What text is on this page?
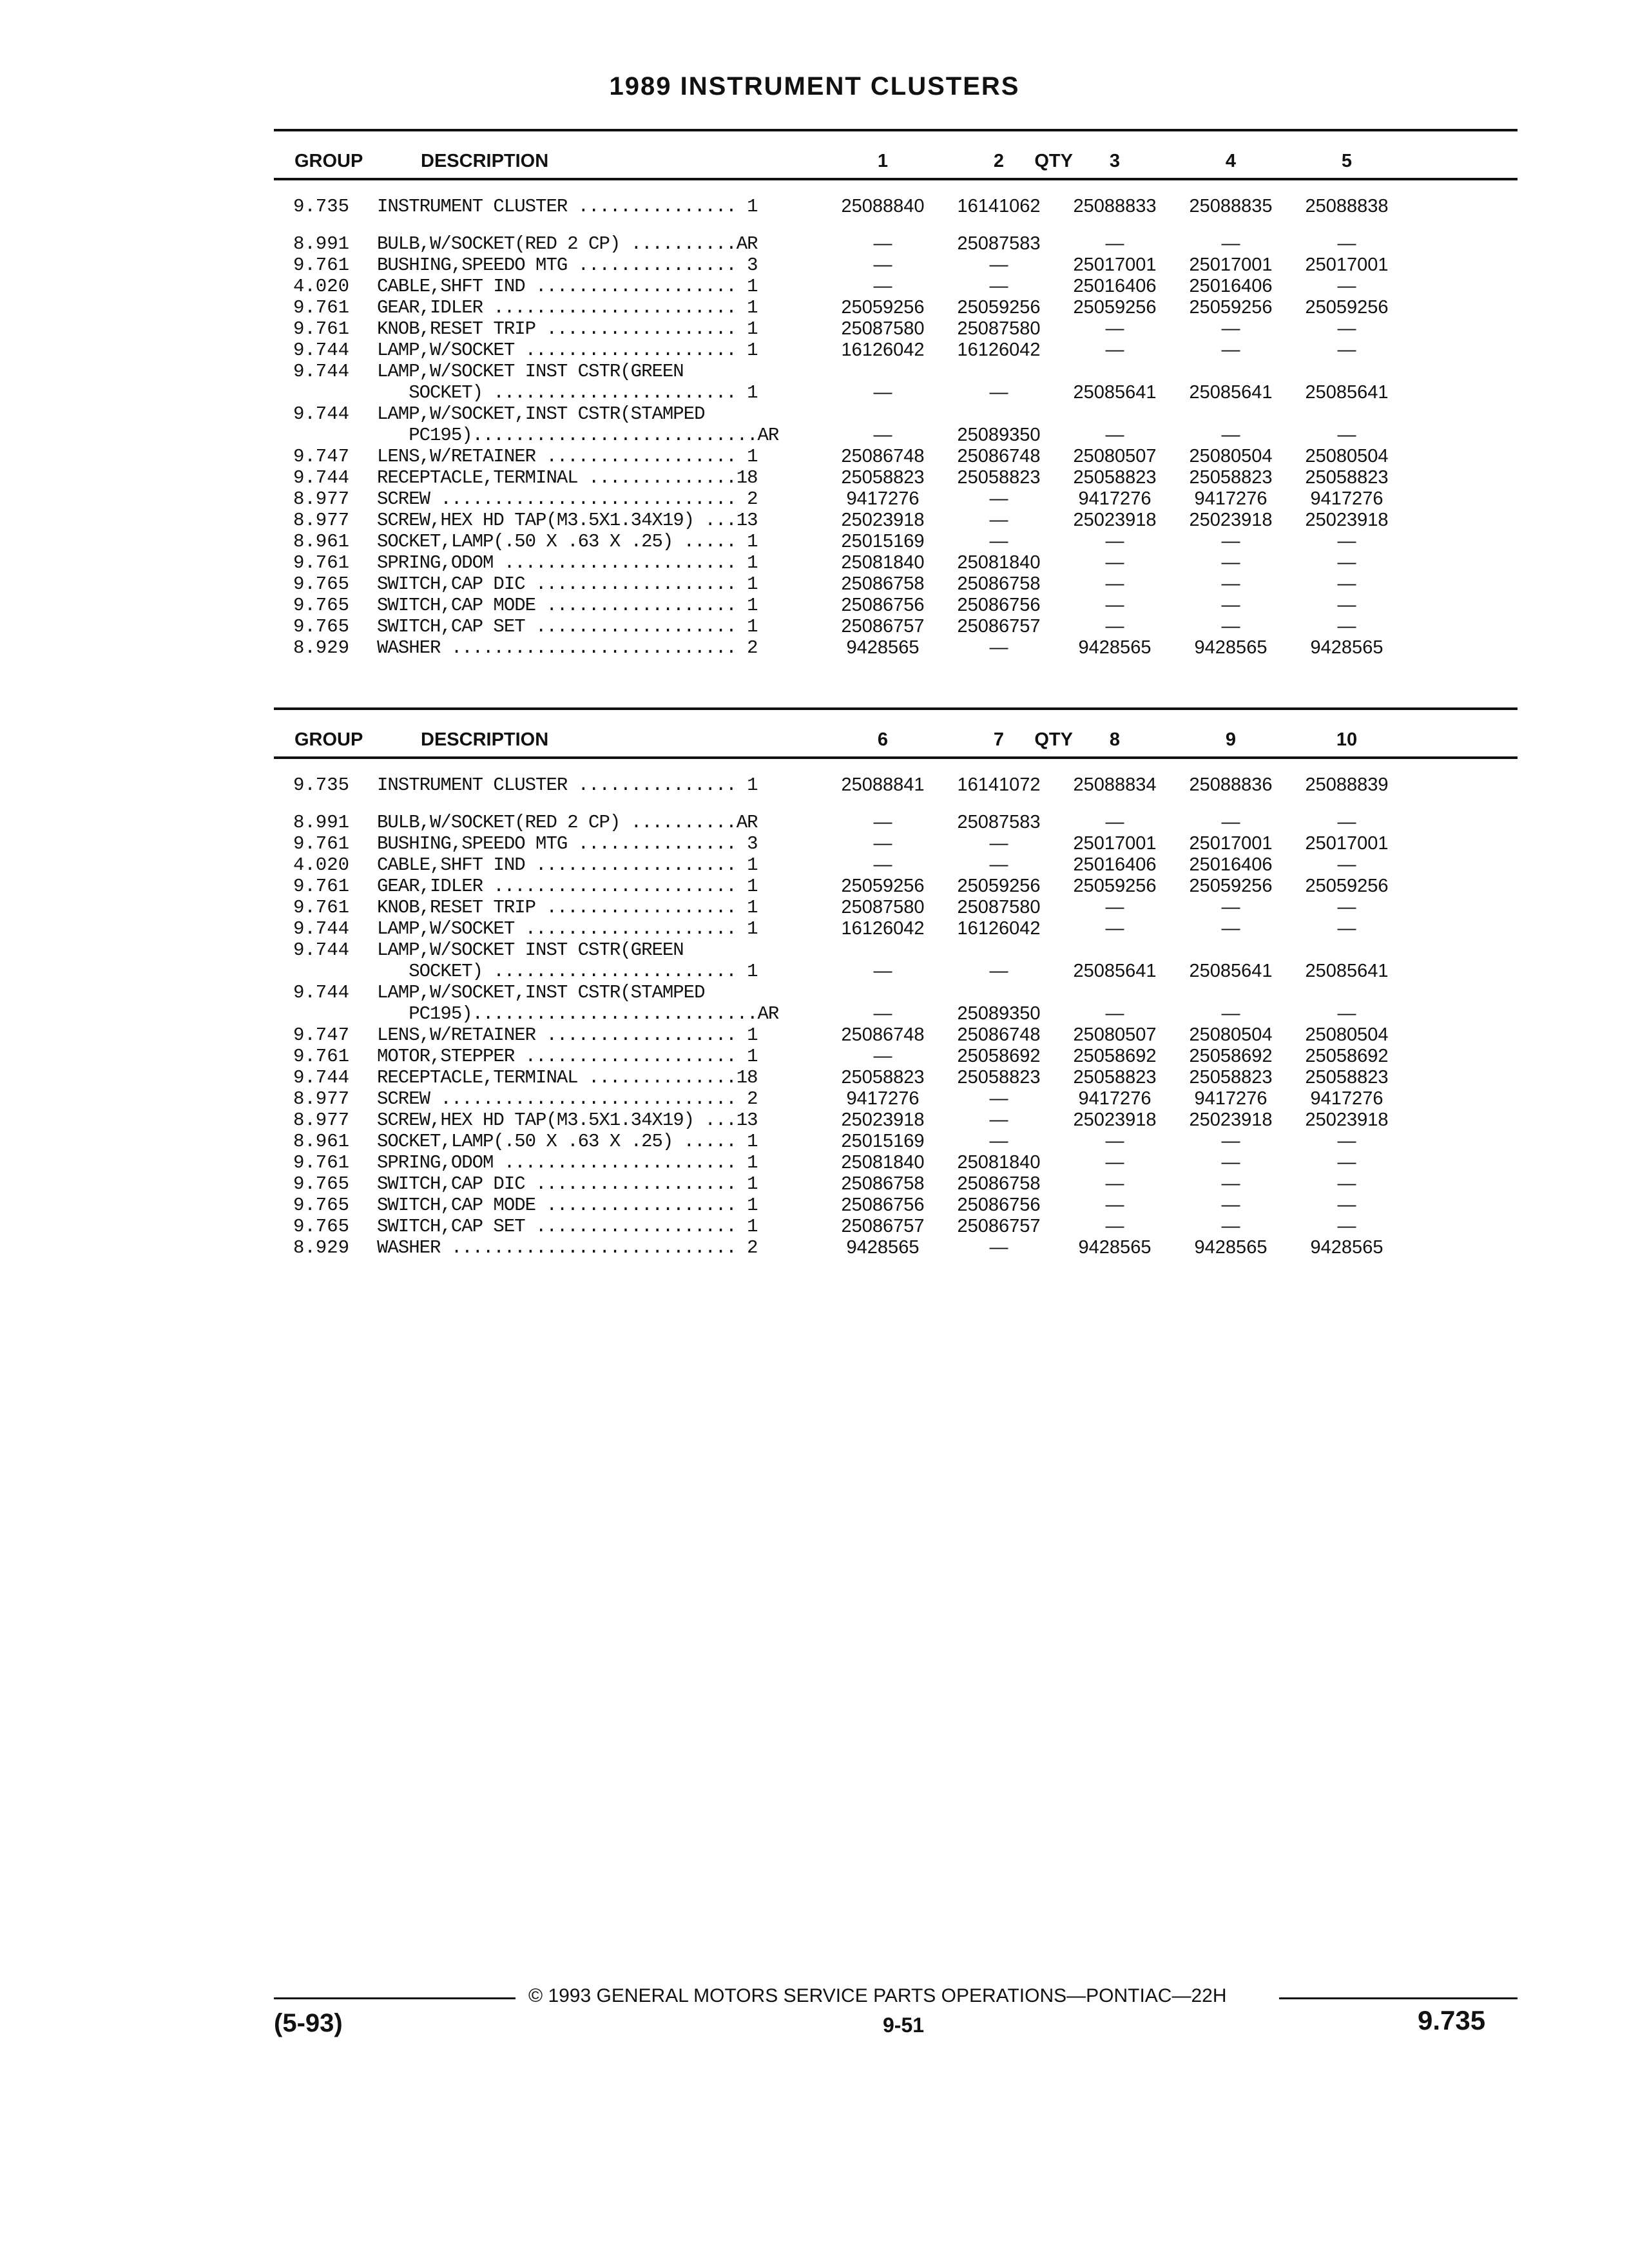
1989 INSTRUMENT CLUSTERS
GROUP	DESCRIPTION	QTY
1	2	3	4	5
9.735 INSTRUMENT CLUSTER ............... 1	25088840	16141062	25088833	25088835	25088838
8.991 BULB,W/SOCKET(RED 2 CP) ..........AR	—	25087583	—	—	—
9.761 BUSHING,SPEEDO MTG ............... 3	—	—	25017001	25017001	25017001
4.020 CABLE,SHFT IND ................... 1	—	—	25016406	25016406	—
9.761 GEAR,IDLER ....................... 1	25059256	25059256	25059256	25059256	25059256
9.761 KNOB,RESET TRIP .................. 1	25087580	25087580	—	—	—
9.744 LAMP,W/SOCKET .................... 1	16126042	16126042	—	—	—
9.744 LAMP,W/SOCKET INST CSTR(GREEN
SOCKET) ....................... 1	—	—	25085641	25085641	25085641
9.744 LAMP,W/SOCKET,INST CSTR(STAMPED
PC195)...........................AR	—	25089350	—	—	—
9.747 LENS,W/RETAINER .................. 1	25086748	25086748	25080507	25080504	25080504
9.744 RECEPTACLE,TERMINAL ..............18	25058823	25058823	25058823	25058823	25058823
8.977 SCREW ............................ 2	9417276	—	9417276	9417276	9417276
8.977 SCREW,HEX HD TAP(M3.5X1.34X19) ...13	25023918	—	25023918	25023918	25023918
8.961 SOCKET,LAMP(.50 X .63 X .25) ..... 1	25015169	—	—	—	—
9.761 SPRING,ODOM ...................... 1	25081840	25081840	—	—	—
9.765 SWITCH,CAP DIC ................... 1	25086758	25086758	—	—	—
9.765 SWITCH,CAP MODE .................. 1	25086756	25086756	—	—	—
9.765 SWITCH,CAP SET ................... 1	25086757	25086757	—	—	—
8.929 WASHER ........................... 2	9428565	—	9428565	9428565	9428565
GROUP	DESCRIPTION	QTY
6	7	8	9	10
9.735 INSTRUMENT CLUSTER ............... 1	25088841	16141072	25088834	25088836	25088839
8.991 BULB,W/SOCKET(RED 2 CP) ..........AR	—	25087583	—	—	—
9.761 BUSHING,SPEEDO MTG ............... 3	—	—	25017001	25017001	25017001
4.020 CABLE,SHFT IND ................... 1	—	—	25016406	25016406	—
9.761 GEAR,IDLER ....................... 1	25059256	25059256	25059256	25059256	25059256
9.761 KNOB,RESET TRIP .................. 1	25087580	25087580	—	—	—
9.744 LAMP,W/SOCKET .................... 1	16126042	16126042	—	—	—
9.744 LAMP,W/SOCKET INST CSTR(GREEN
SOCKET) ....................... 1	—	—	25085641	25085641	25085641
9.744 LAMP,W/SOCKET,INST CSTR(STAMPED
PC195)...........................AR	—	25089350	—	—	—
9.747 LENS,W/RETAINER .................. 1	25086748	25086748	25080507	25080504	25080504
9.761 MOTOR,STEPPER .................... 1	—	25058692	25058692	25058692	25058692
9.744 RECEPTACLE,TERMINAL ..............18	25058823	25058823	25058823	25058823	25058823
8.977 SCREW ............................ 2	9417276	—	9417276	9417276	9417276
8.977 SCREW,HEX HD TAP(M3.5X1.34X19) ...13	25023918	—	25023918	25023918	25023918
8.961 SOCKET,LAMP(.50 X .63 X .25) ..... 1	25015169	—	—	—	—
9.761 SPRING,ODOM ...................... 1	25081840	25081840	—	—	—
9.765 SWITCH,CAP DIC ................... 1	25086758	25086758	—	—	—
9.765 SWITCH,CAP MODE .................. 1	25086756	25086756	—	—	—
9.765 SWITCH,CAP SET ................... 1	25086757	25086757	—	—	—
8.929 WASHER ........................... 2	9428565	—	9428565	9428565	9428565
© 1993 GENERAL MOTORS SERVICE PARTS OPERATIONS—PONTIAC—22H
(5-93)	9-51	9.735
